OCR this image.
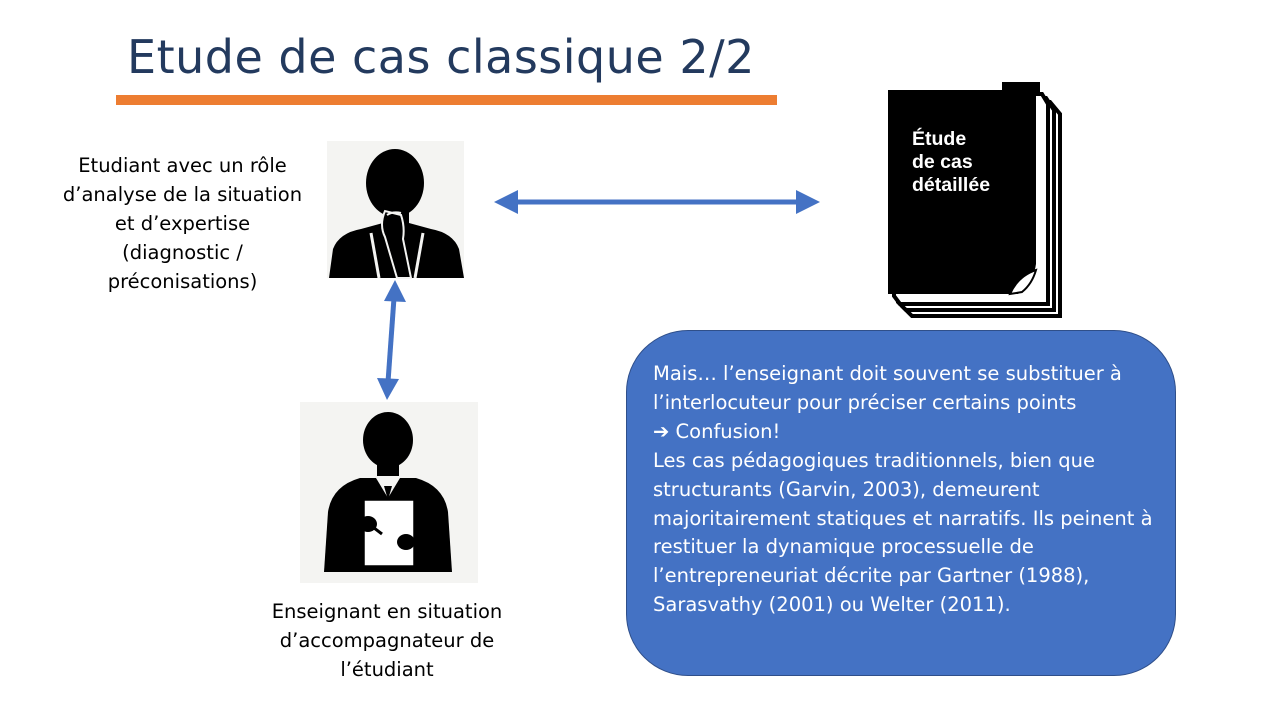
Etude de cas classique 2/2
Etudiant avec un rôle
d’analyse de la situation
et d’expertise
(diagnostic /
préconisations)
Enseignant en situation
d’accompagnateur de
l’étudiant
Étude
de cas
détaillée
Mais… l’enseignant doit souvent se substituer à
l’interlocuteur pour préciser certains points
➔ Confusion!
Les cas pédagogiques traditionnels, bien que
structurants (Garvin, 2003), demeurent
majoritairement statiques et narratifs. Ils peinent à
restituer la dynamique processuelle de
l’entrepreneuriat décrite par Gartner (1988),
Sarasvathy (2001) ou Welter (2011).
